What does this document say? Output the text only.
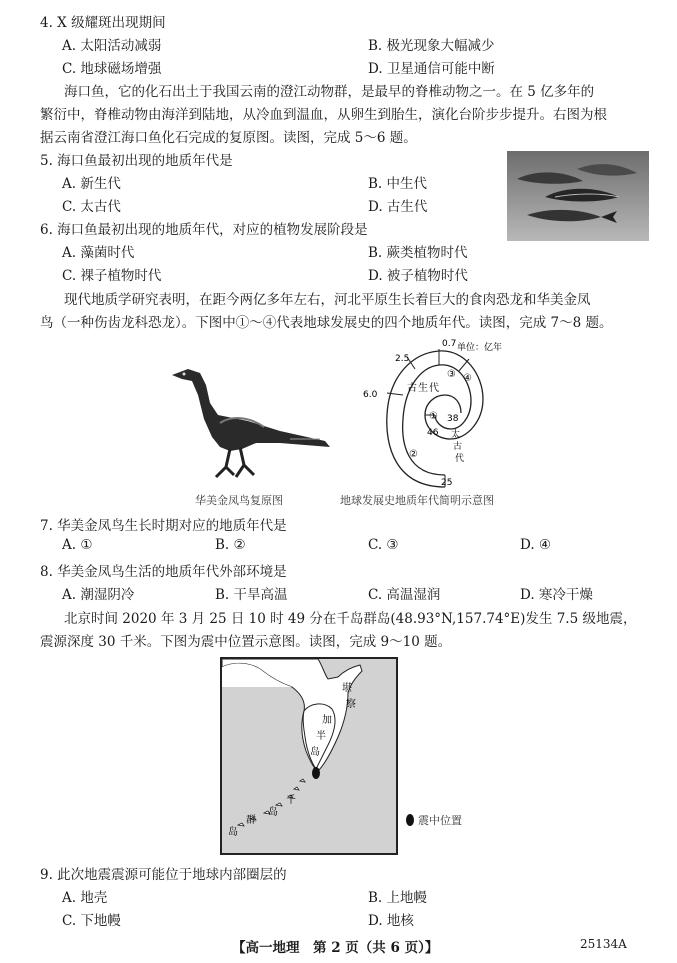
4. X 级耀斑出现期间
A. 太阳活动减弱	B. 极光现象大幅减少
C. 地球磁场增强	D. 卫星通信可能中断
海口鱼，它的化石出土于我国云南的澄江动物群，是最早的脊椎动物之一。在 5 亿多年的
繁衍中，脊椎动物由海洋到陆地，从冷血到温血，从卵生到胎生，演化台阶步步提升。右图为根
据云南省澄江海口鱼化石完成的复原图。读图，完成 5～6 题。
5. 海口鱼最初出现的地质年代是
A. 新生代	B. 中生代
C. 太古代	D. 古生代
6. 海口鱼最初出现的地质年代，对应的植物发展阶段是
A. 藻菌时代	B. 蕨类植物时代
C. 裸子植物时代	D. 被子植物时代
现代地质学研究表明，在距今两亿多年左右，河北平原生长着巨大的食肉恐龙和华美金凤
鸟（一种伤齿龙科恐龙）。下图中①～④代表地球发展史的四个地质年代。读图，完成 7～8 题。
华美金凤鸟复原图
0.7 单位：亿年
2.5
6.0
古 生 代
③ ④
②
①
46
38
太
古
代
25
地球发展史地质年代简明示意图
7. 华美金凤鸟生长时期对应的地质年代是
A. ①	B. ②	C. ③	D. ④
8. 华美金凤鸟生活的地质年代外部环境是
A. 潮湿阴冷	B. 干旱高温	C. 高温湿润	D. 寒冷干燥
北京时间 2020 年 3 月 25 日 10 时 49 分在千岛群岛(48.93°N,157.74°E)发生 7.5 级地震，
震源深度 30 千米。下图为震中位置示意图。读图，完成 9～10 题。
堪
察
加
半
岛
千
岛
群
岛
震中位置
9. 此次地震震源可能位于地球内部圈层的
A. 地壳	B. 上地幔
C. 下地幔	D. 地核
【高一地理　第 2 页（共 6 页）】	25134A
